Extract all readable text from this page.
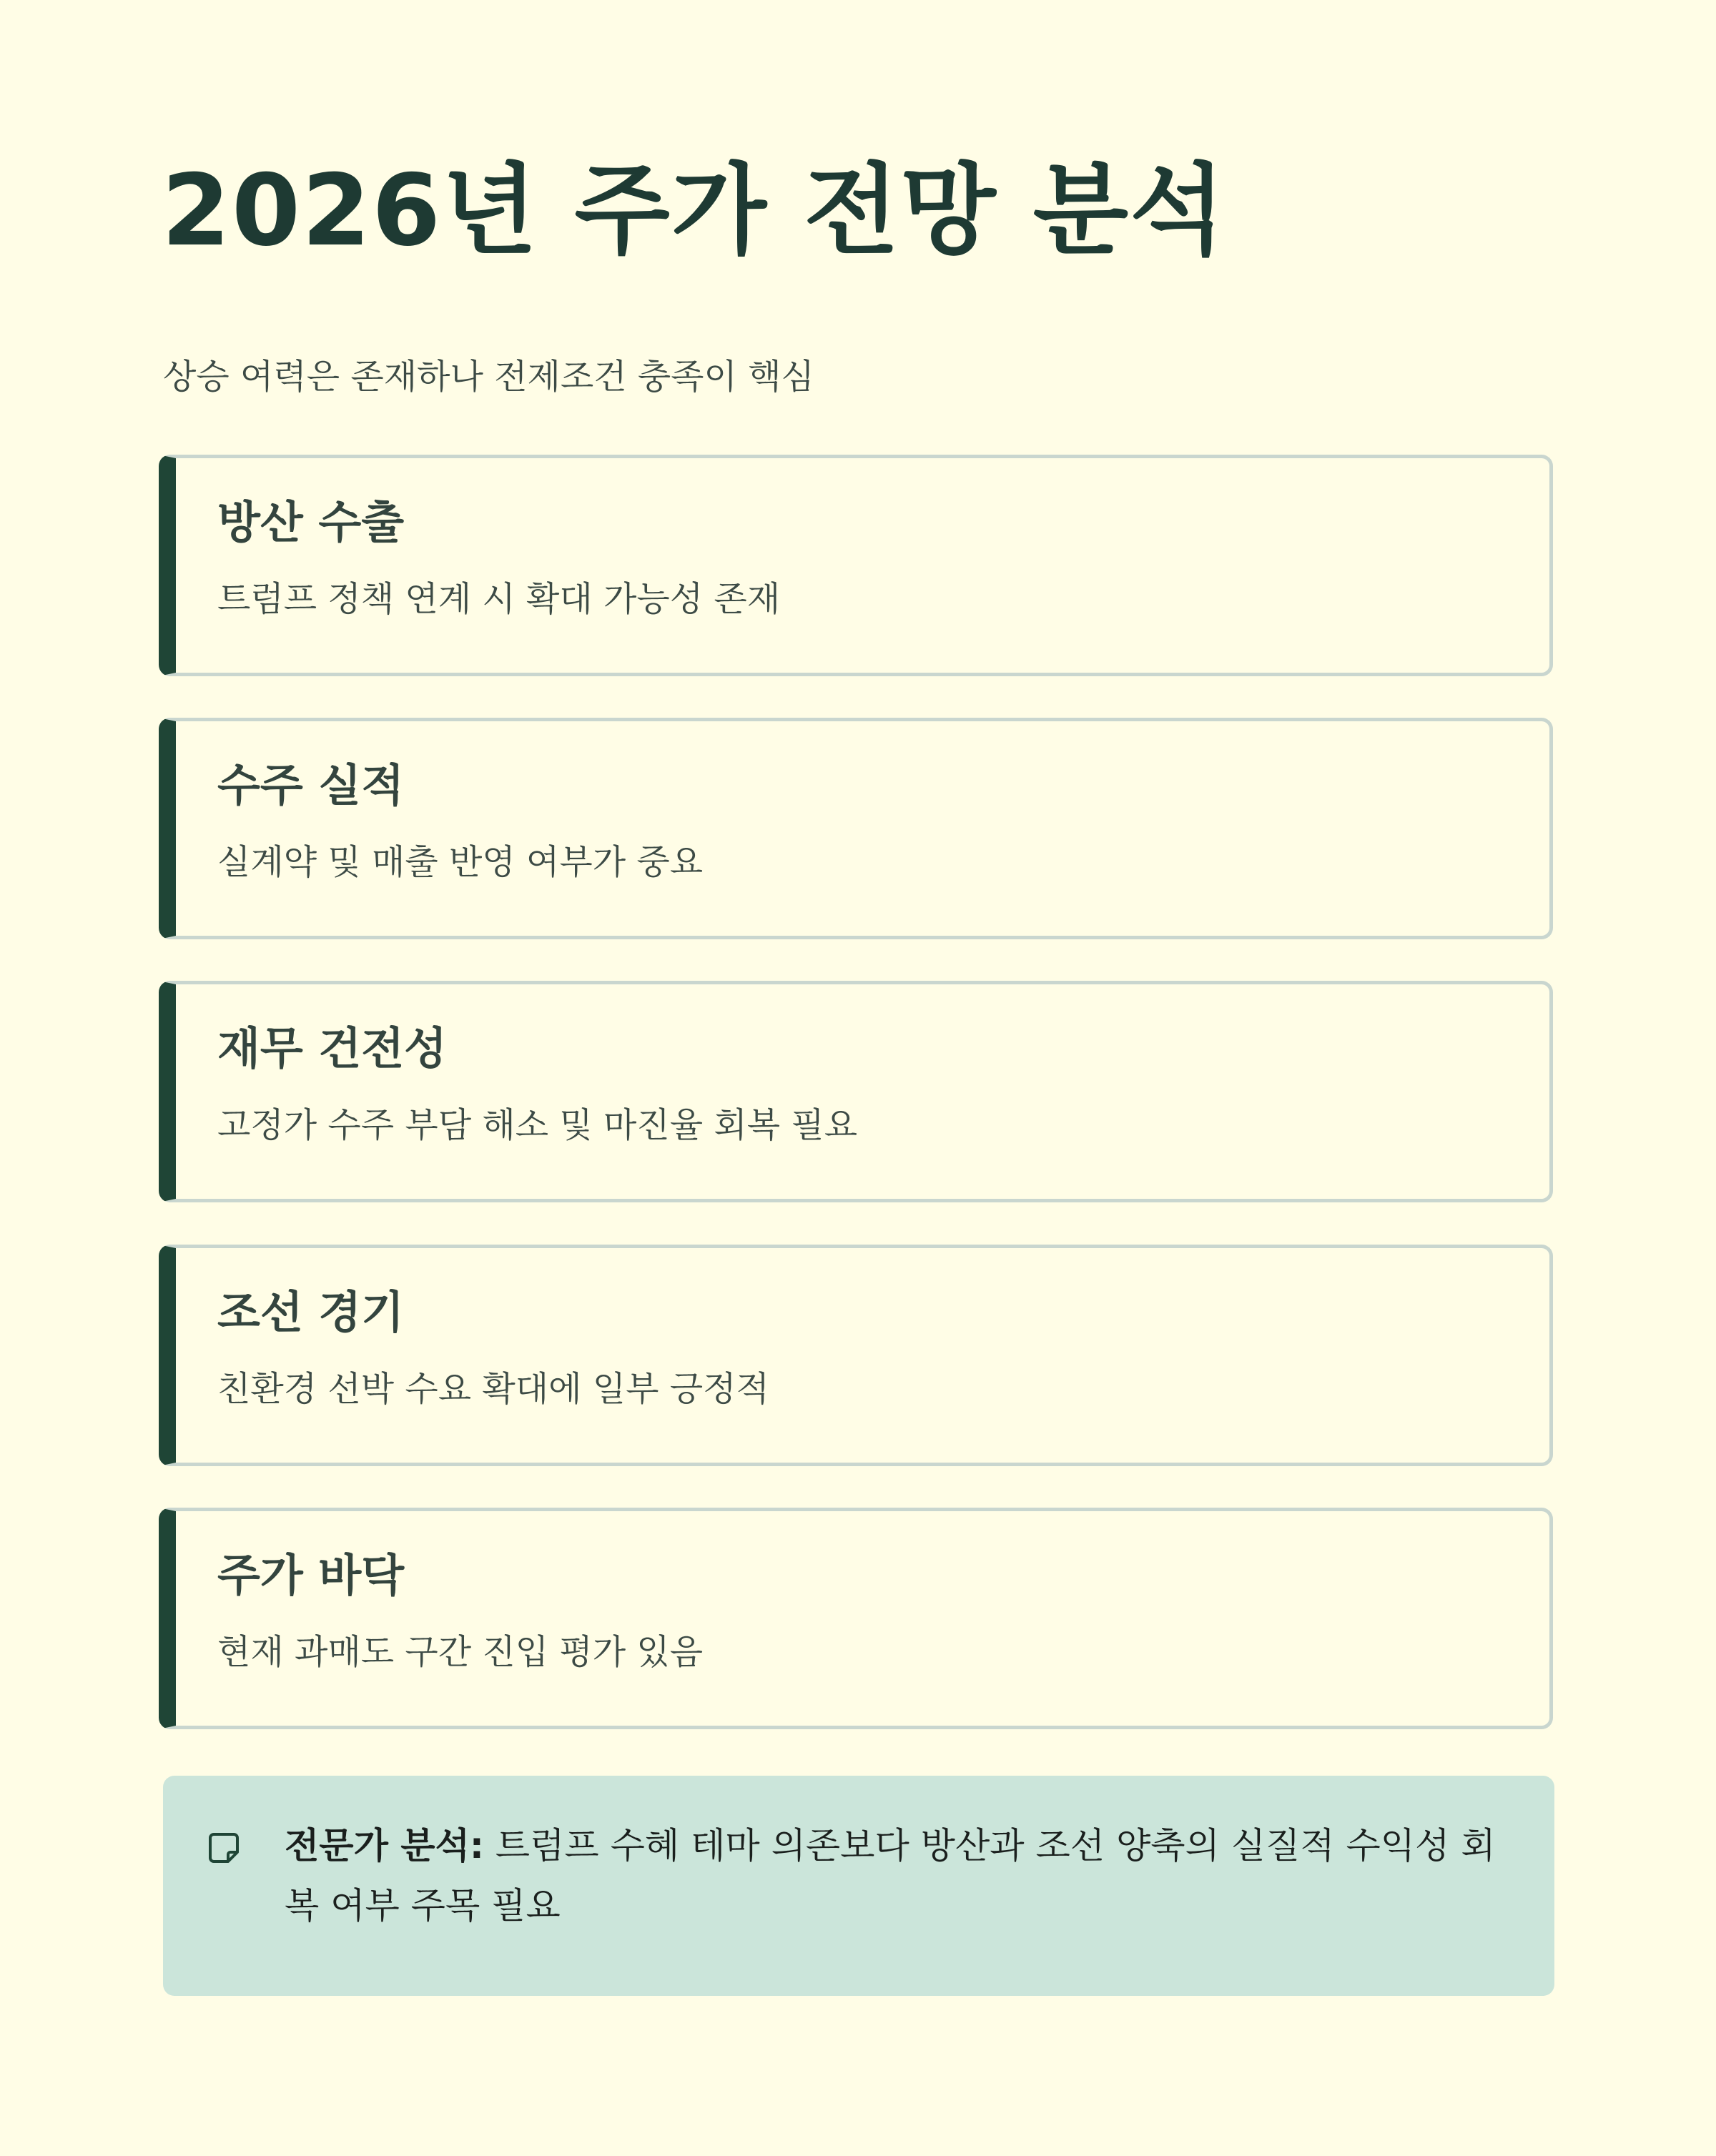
2026년 주가 전망 분석

상승 여력은 존재하나 전제조건 충족이 핵심

방산 수출

트럼프 정책 연계 시 확대 가능성 존재

수주 실적

실계약 및 매출 반영 여부가 중요

재무 건전성

고정가 수주 부담 해소 및 마진율 회복 필요

조선 경기

친환경 선박 수요 확대에 일부 긍정적

주가 바닥

현재 과매도 구간 진입 평가 있음

전문가 분석: 트럼프 수혜 테마 의존보다 방산과 조선 양축의 실질적 수익성 회복 여부 주목 필요
